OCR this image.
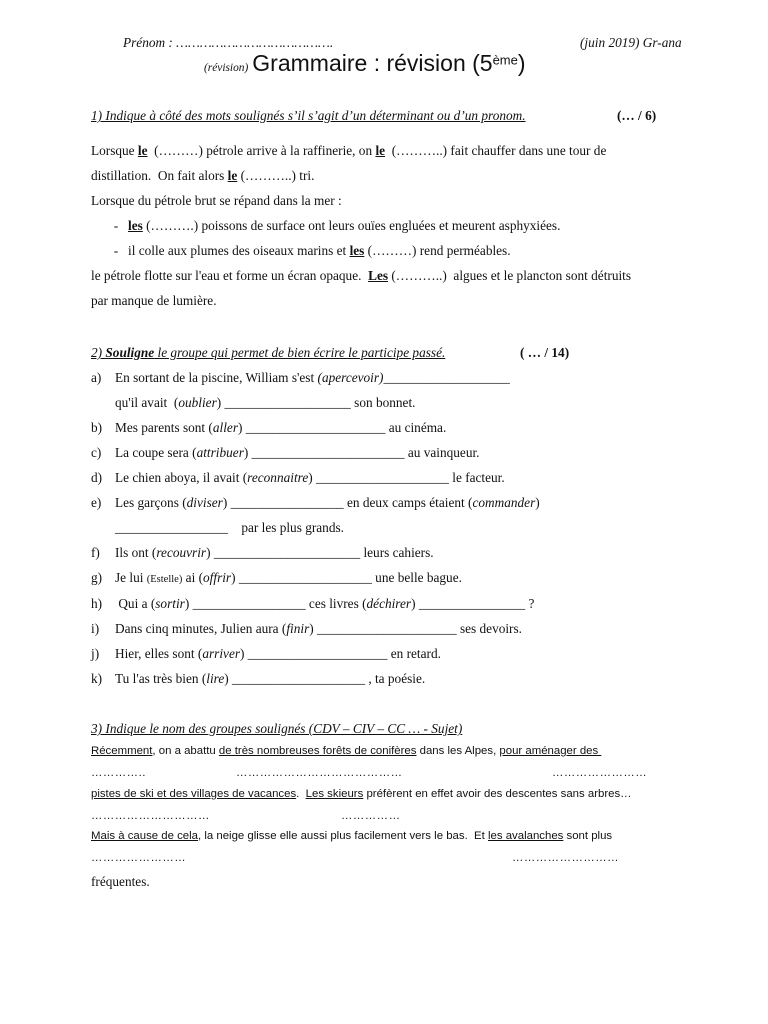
Prénom : ………………………………….	(juin 2019) Gr-ana
(révision) Grammaire : révision (5ème)
1) Indique à côté des mots soulignés s’il s’agit d’un déterminant ou d’un pronom.	(… / 6)
Lorsque le  (………) pétrole arrive à la raffinerie, on le  (………..) fait chauffer dans une tour de
distillation.  On fait alors le (………..) tri.
Lorsque du pétrole brut se répand dans la mer :
- les (……….) poissons de surface ont leurs ouïes engluées et meurent asphyxiées.
- il colle aux plumes des oiseaux marins et les (………) rend perméables.
le pétrole flotte sur l'eau et forme un écran opaque.  Les (………..)  algues et le plancton sont détruits
par manque de lumière.
2) Souligne le groupe qui permet de bien écrire le participe passé.	( … / 14)
a) En sortant de la piscine, William s'est (apercevoir)___________________
qu'il avait  (oublier) ___________________ son bonnet.
b) Mes parents sont (aller) _____________________ au cinéma.
c) La coupe sera (attribuer) _______________________ au vainqueur.
d) Le chien aboya, il avait (reconnaitre) ____________________ le facteur.
e) Les garçons (diviser) _________________ en deux camps étaient (commander)
_________________    par les plus grands.
f) Ils ont (recouvrir) ______________________ leurs cahiers.
g) Je lui (Estelle) ai (offrir) ____________________ une belle bague.
h) Qui a (sortir) _________________ ces livres (déchirer) ________________ ?
i) Dans cinq minutes, Julien aura (finir) _____________________ ses devoirs.
j) Hier, elles sont (arriver) _____________________ en retard.
k) Tu l'as très bien (lire) ____________________ , ta poésie.
3) Indique le nom des groupes soulignés (CDV – CIV – CC … - Sujet)
Récemment, on a abattu de très nombreuses forêts de conifères dans les Alpes, pour aménager des
…………..	……………………………………	……………………
pistes de ski et des villages de vacances.  Les skieurs préfèrent en effet avoir des descentes sans arbres…
…………………………	……………
Mais à cause de cela, la neige glisse elle aussi plus facilement vers le bas.  Et les avalanches sont plus
……………………	………………………
fréquentes.
